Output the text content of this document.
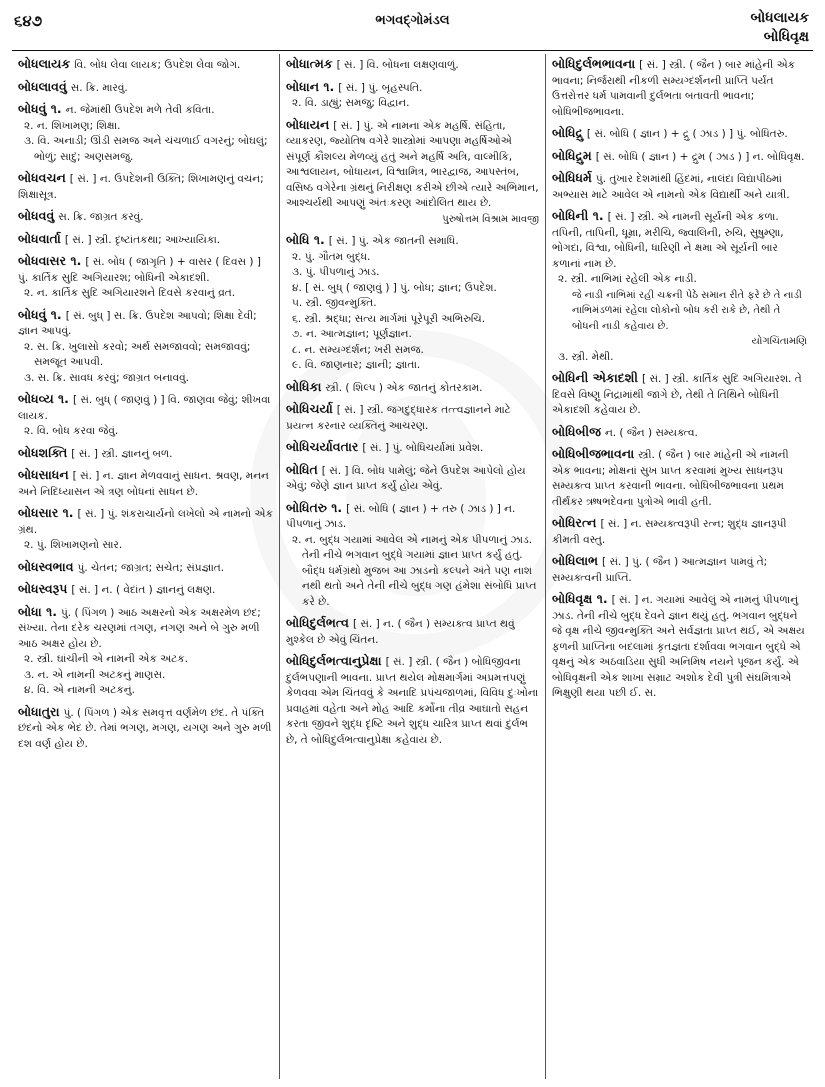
૬૪૭	ભગવદ્ગોમંડલ	બોધલાયક
બોધિવૃક્ષ
બોધલાયક વિ. બોધ લેવા લાયક; ઉપદેશ લેવા જોગ.
બોધલાવવું સ. ક્રિ. મારવું.
બોધવું ૧. ન. જેમાંથી ઉપદેશ મળે તેવી કવિતા.
૨. ન. શિખામણ; શિક્ષા.
૩. વિ. અનાડી; ઊંડી સમજ અને ચંચળાઈ વગરનું; બોઘલું; ભોળું; સાદું; અણસમજુ.
બોધવચન [ સં. ] ન. ઉપદેશની ઉક્તિ; શિખામણનું વચન; શિક્ષાસૂત્ર.
બોધવવું સ. ક્રિ. જાગ્રત કરવું.
બોધવાર્તા [ સં. ] સ્ત્રી. દૃષ્ટાંતકથા; આખ્યાયિકા.
બોધવાસર ૧. [ સં. બોધ ( જાગૃતિ ) + વાસર ( દિવસ ) ] પું. કાર્તિક સુદિ અગિયારશ; બોધિની એકાદશી.
૨. ન. કાર્તિક સુદિ અગિયારશને દિવસે કરવાનું વ્રત.
બોધવું ૧. [ સં. બુધ્ ] સ. ક્રિ. ઉપદેશ આપવો; શિક્ષા દેવી; જ્ઞાન આપવું.
૨. સ. ક્રિ. ખુલાસો કરવો; અર્થ સમજાવવો; સમજાવવું; સમજૂત આપવી.
૩. સ. ક્રિ. સાવધ કરવું; જાગ્રત બનાવવું.
બોધવ્ય ૧. [ સં. બુધ્ ( જાણવું ) ] વિ. જાણવા જેવું; શીખવા લાયક.
૨. વિ. બોધ કરવા જેવું.
બોધશક્તિ [ સં. ] સ્ત્રી. જ્ઞાનનું બળ.
બોધસાધન [ સં. ] ન. જ્ઞાન મેળવવાનું સાધન. શ્રવણ, મનન અને નિદિધ્યાસન એ ત્રણ બોધનાં સાધન છે.
બોધસાર ૧. [ સં. ] પું. શંકરાચાર્યનો લખેલો એ નામનો એક ગ્રંથ.
૨. પું. શિખામણનો સાર.
બોધસ્વભાવ પું. ચેતન; જાગ્રત; સચેત; સંપ્રજ્ઞાત.
બોધસ્વરૂપ [ સં. ] ન. ( વેદાંત ) જ્ઞાનનું લક્ષણ.
બોધા ૧. પું. ( પિંગળ ) આઠ અક્ષરનો એક અક્ષરમેળ છંદ; સંખ્યા. તેના દરેક ચરણમાં તગણ, નગણ અને બે ગુરુ મળી આઠ અક્ષર હોય છે.
૨. સ્ત્રી. ઘાંચીની એ નામની એક અટક.
૩. ન. એ નામની અટકનું માણસ.
૪. વિ. એ નામની અટકનું.
બોધાતુરા પું. ( પિંગળ ) એક સમવૃત્ત વર્ણમેળ છંદ. તે પંક્તિ છંદનો એક ભેદ છે. તેમાં ભગણ, મગણ, યગણ અને ગુરુ મળી દશ વર્ણ હોય છે.
બોધાત્મક [ સં. ] વિ. બોધના લક્ષણવાળું.
બોધાન ૧. [ સં. ] પું. બૃહસ્પતિ.
૨. વિ. ડાહ્યું; સમજુ; વિદ્વાન.
બોધાયન [ સં. ] પું. એ નામના એક મહર્ષિ. સંહિતા, વ્યાકરણ, જ્યોતિષ વગેરે શાસ્ત્રોમાં આપણા મહર્ષિઓએ સંપૂર્ણ કૌશલ્ય મેળવ્યું હતું અને મહર્ષિ અત્રિ, વાલ્મીકિ, આશ્વલાયન, બોધાયન, વિશ્વામિત્ર, ભારદ્વાજ, આપસ્તંબ, વસિષ્ઠ વગેરેના ગ્રંથનું નિરીક્ષણ કરીએ છીએ ત્યારે અભિમાન, આશ્ચર્યથી આપણું અંતઃકરણ આંદોલિત થાય છે.
પુરુષોત્તમ વિશ્રામ માવજી
બોધિ ૧. [ સં. ] પું. એક જાતની સમાધિ.
૨. પું. ગૌતમ બુદ્ધ.
૩. પું. પીપળાનું ઝાડ.
૪. [ સં. બુધ્ ( જાણવું ) ] પું. બોધ; જ્ઞાન; ઉપદેશ.
૫. સ્ત્રી. જીવન્મુક્તિ.
૬. સ્ત્રી. શ્રદ્ધા; સત્ય માર્ગમાં પૂરેપૂરી અભિરુચિ.
૭. ન. આત્મજ્ઞાન; પૂર્ણજ્ઞાન.
૮. ન. સમ્યગ્દર્શન; ખરી સમજ.
૯. વિ. જાણનાર; જ્ઞાની; જ્ઞાતા.
બોધિકા સ્ત્રી. ( શિલ્પ ) એક જાતનું કોતરકામ.
બોધિચર્યા [ સં. ] સ્ત્રી. જગદુદ્ધારક તત્ત્વજ્ઞાનને માટે પ્રયત્ન કરનાર વ્યક્તિનું આચરણ.
બોધિચર્યાવતાર [ સં. ] પું. બોધિચર્યામાં પ્રવેશ.
બોધિત [ સં. ] વિ. બોધ પામેલું; જેને ઉપદેશ આપેલો હોય એવું; જેણે જ્ઞાન પ્રાપ્ત કર્યું હોય એવું.
બોધિતરુ ૧. [ સં. બોધિ ( જ્ઞાન ) + તરુ ( ઝાડ ) ] ન. પીપળાનું ઝાડ.
૨. ન. બુદ્ધ ગયામાં આવેલ એ નામનું એક પીપળાનું ઝાડ. તેની નીચે ભગવાન બુદ્ધે ગયામાં જ્ઞાન પ્રાપ્ત કર્યું હતું. બૌદ્ધ ધર્મગ્રંથો મુજબ આ ઝાડનો કલ્પને અંતે પણ નાશ નથી થતો અને તેની નીચે બુદ્ધ ગણ હંમેશા સંબોધિ પ્રાપ્ત કરે છે.
બોધિદુર્લભત્વ [ સં. ] ન. ( જૈન ) સમ્યક્ત્વ પ્રાપ્ત થવું મુશ્કેલ છે એવું ચિંતન.
બોધિદુર્લભત્વાનુપ્રેક્ષા [ સં. ] સ્ત્રી. ( જૈન ) બોધિજીવના દુર્લભપણાની ભાવના. પ્રાપ્ત થયેલ મોક્ષમાર્ગમાં અપ્રમત્તપણું કેળવવા એમ ચિંતવવું કે અનાદિ પ્રપંચજાળમાં, વિવિધ દુઃખોના પ્રવાહમાં વહેતા અને મોહ આદિ કર્મોના તીવ્ર આઘાતો સહન કરતા જીવને શુદ્ધ દૃષ્ટિ અને શુદ્ધ ચારિત્ર પ્રાપ્ત થવાં દુર્લભ છે, તે બોધિદુર્લભત્વાનુપ્રેક્ષા કહેવાય છે.
બોધિદુર્લભભાવના [ સં. ] સ્ત્રી. ( જૈન ) બાર માંહેની એક ભાવના; નિર્જરાથી નીકળી સમ્યગ્દર્શનની પ્રાપ્તિ પર્યંત ઉત્તરોત્તર ધર્મ પામવાની દુર્લભતા બતાવતી ભાવના; બોધિભીજભાવના.
બોધિદ્રુ [ સં. બોધિ ( જ્ઞાન ) + દ્રુ ( ઝાડ ) ] પું. બોધિતરુ.
બોધિદ્રુમ [ સં. બોધિ ( જ્ઞાન ) + દ્રુમ ( ઝાડ ) ] ન. બોધિવૃક્ષ.
બોધિધર્મ પું. તુખાર દેશમાંથી હિંદમાં, નાલંદા વિદ્યાપીઠમાં અભ્યાસ માટે આવેલ એ નામનો એક વિદ્યાર્થી અને યાત્રી.
બોધિની ૧. [ સં. ] સ્ત્રી. એ નામની સૂર્યની એક કળા. તપિની, તાપિની, ધૂમ્રા, મરીચિ, જ્વાલિની, રુચિ, સુષુમ્ણા, ભોગદા, વિશ્વા, બોધિની, ધારિણી ને ક્ષમા એ સૂર્યની બાર કળાનાં નામ છે.
૨. સ્ત્રી. નાભિમાં રહેલી એક નાડી.
જે નાડી નાભિમાં રહી ચક્રની પેઠે સમાન રીતે ફરે છે તે નાડી નાભિમંડળમાં રહેલા લોકોનો બોધ કરી રાકે છે, તેથી તે બોધની નાડી કહેવાય છે.
યોગચિંતામણિ
૩. સ્ત્રી. મેથી.
બોધિની એકાદશી [ સં. ] સ્ત્રી. કાર્તિક સુદિ અગિયારશ. તે દિવસે વિષ્ણુ નિદ્રામાંથી જાગે છે, તેથી તે તિથિને બોધિની એકાદશી કહેવાય છે.
બોધિબીજ ન. ( જૈન ) સમ્યક્ત્વ.
બોધિબીજભાવના સ્ત્રી. ( જૈન ) બાર માંહેની એ નામની એક ભાવના; મોક્ષનાં સુખ પ્રાપ્ત કરવામાં મુખ્ય સાધનરૂપ સમ્યક્ત્વ પ્રાપ્ત કરવાની ભાવના. બોધિબીજભાવના પ્રથમ તીર્થંકર ઋષભદેવના પુત્રોએ ભાવી હતી.
બોધિરત્ન [ સં. ] ન. સમ્યક્ત્વરૂપી રત્ન; શુદ્ધ જ્ઞાનરૂપી કીમતી વસ્તુ.
બોધિલાભ [ સં. ] પું. ( જૈન ) આત્મજ્ઞાન પામવું તે; સમ્યક્ત્વની પ્રાપ્તિ.
બોધિવૃક્ષ ૧. [ સં. ] ન. ગયામાં આવેલું એ નામનું પીપળાનું ઝાડ. તેની નીચે બુદ્ધ દેવને જ્ઞાન થયું હતું. ભગવાન બુદ્ધને જે વૃક્ષ નીચે જીવન્મુક્તિ અને સર્વજ્ઞતા પ્રાપ્ત થઈ, એ અક્ષય ફળની પ્રાપ્તિના બદલામાં કૃતજ્ઞતા દર્શાવવા ભગવાન બુદ્ધે એ વૃક્ષનું એક અઠવાડિયા સુધી અનિમિષ નયને પૂજન કર્યું. એ બોધિવૃક્ષની એક શાખા સમ્રાટ અશોક દેવી પુત્રી સંઘમિત્રાએ ભિક્ષુણી થયા પછી ઈ. સ.
